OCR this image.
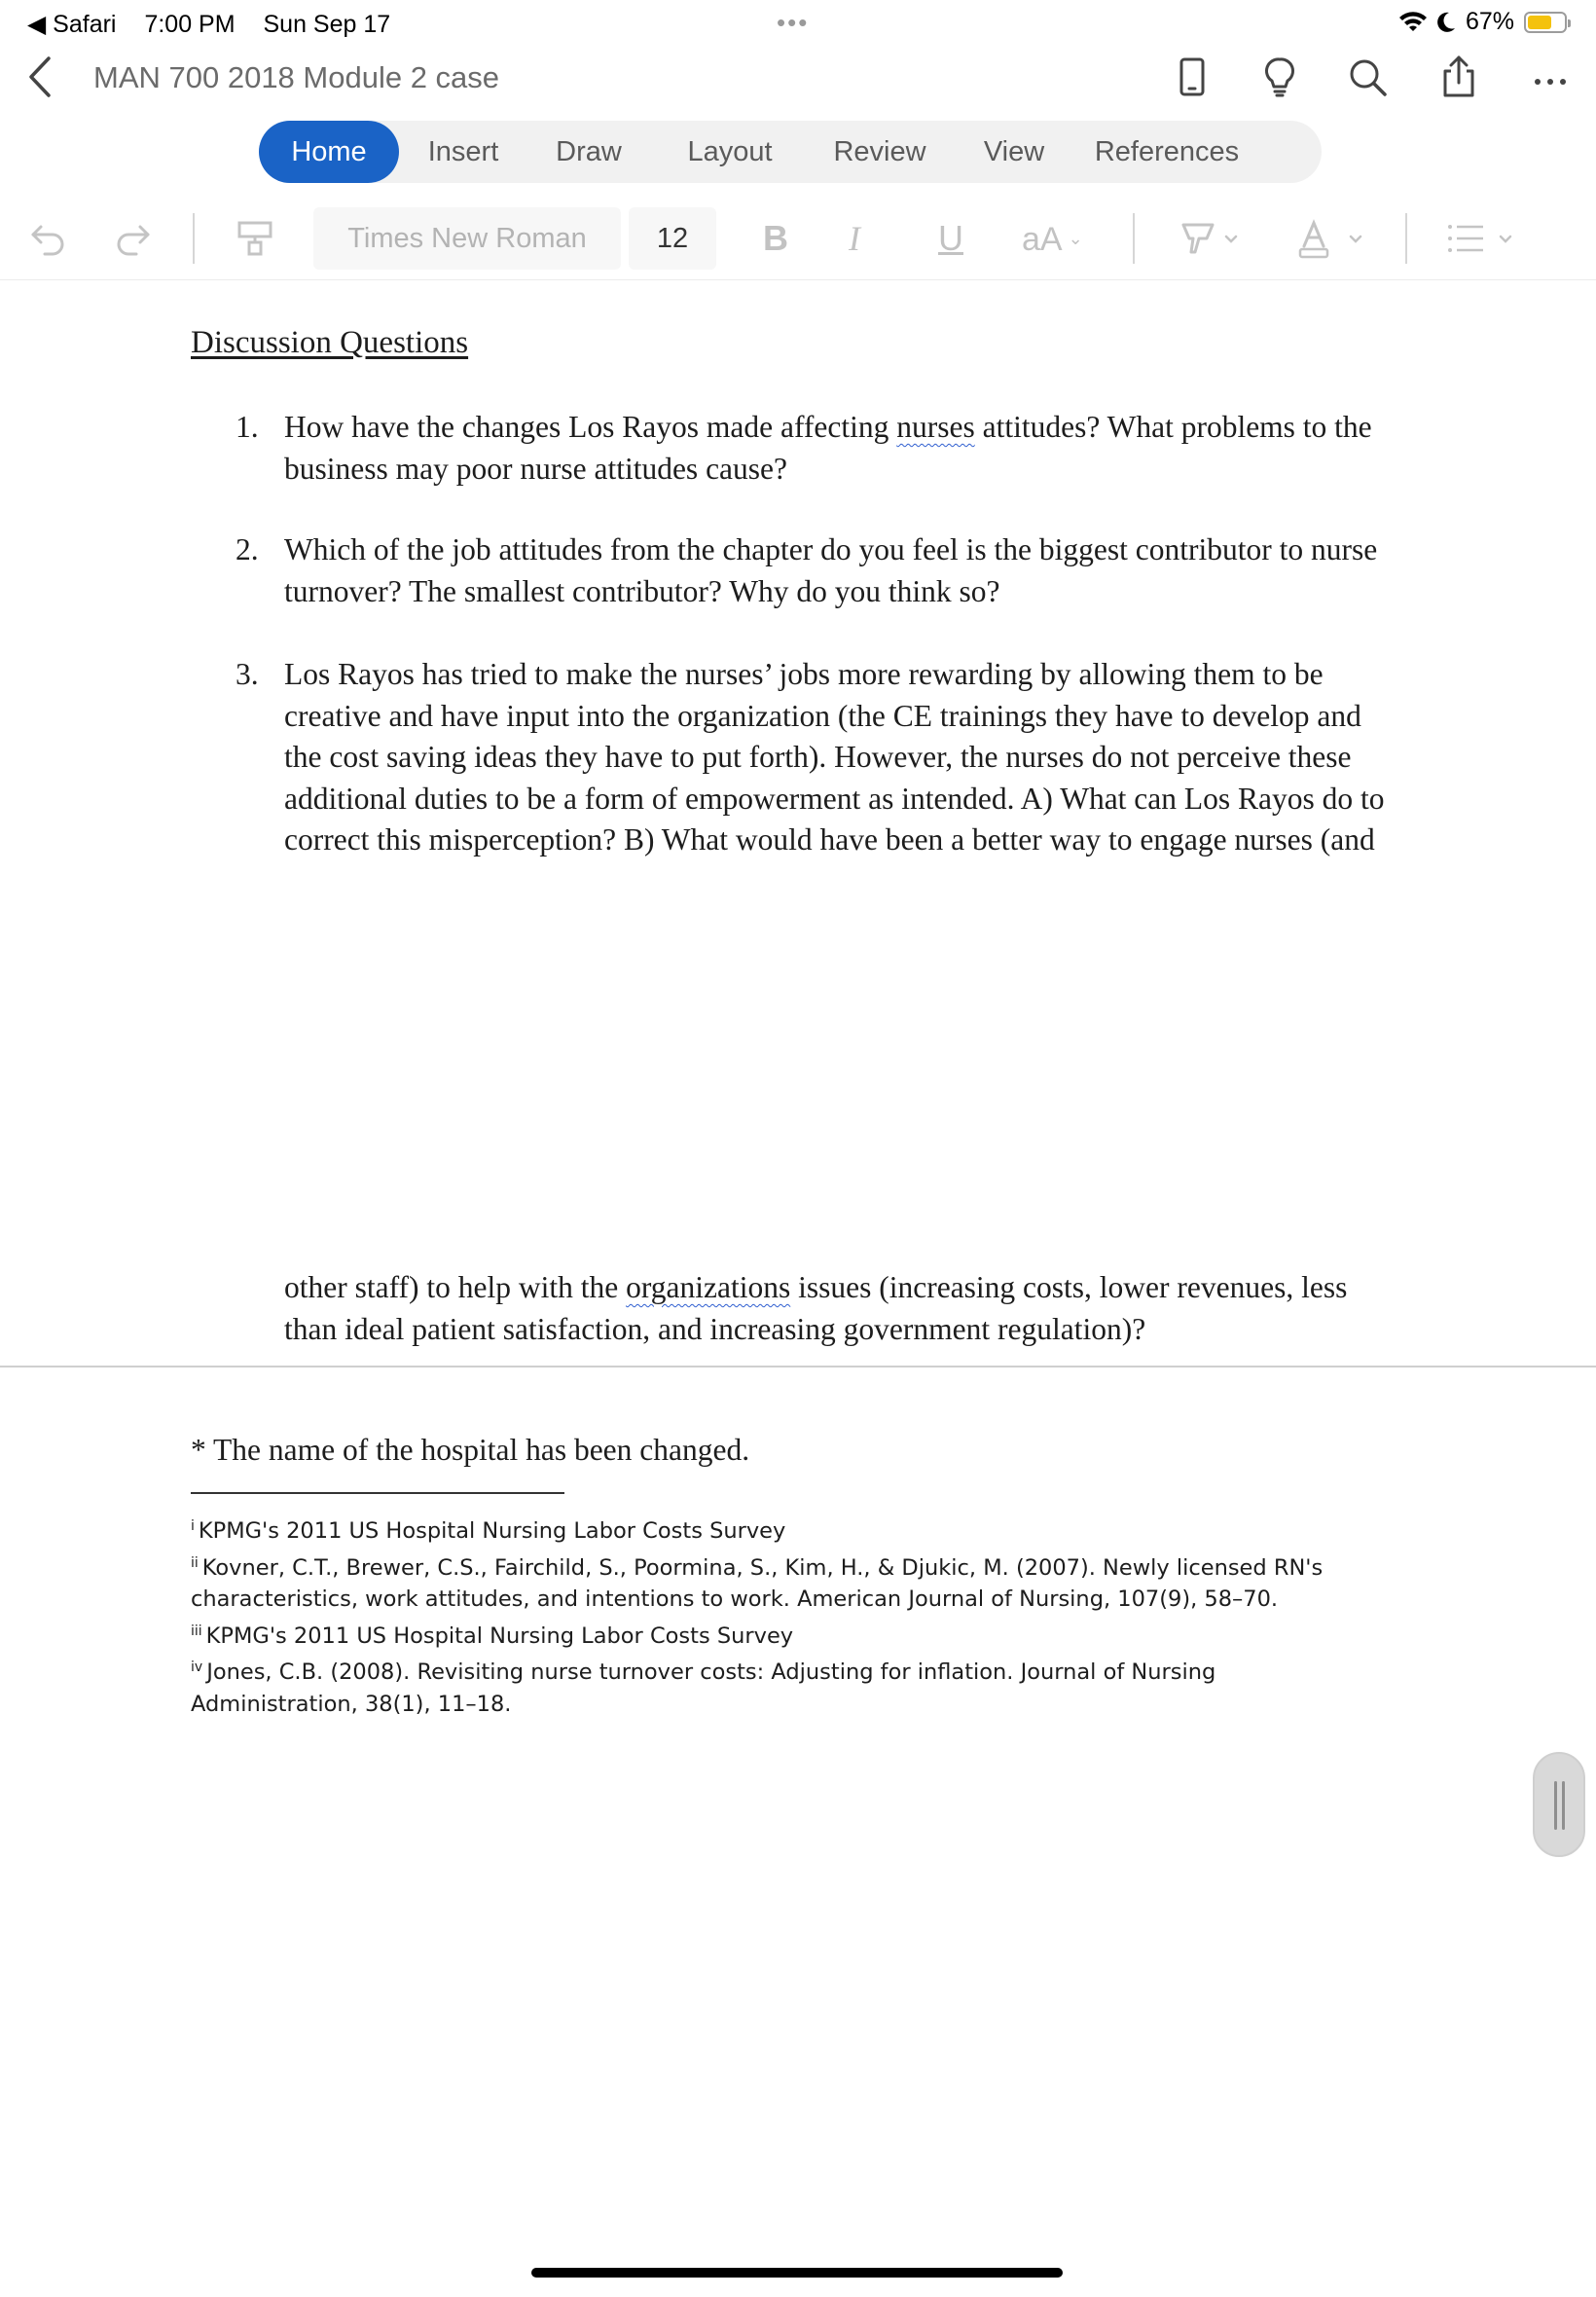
◀ Safari 7:00 PM Sun Sep 17	•••	67%
MAN 700 2018 Module 2 case
Home	Insert	Draw	Layout	Review	View	References
Times New Roman	12	B I U aA ⌄
Discussion Questions
1. How have the changes Los Rayos made affecting nurses attitudes? What problems to the
business may poor nurse attitudes cause?
2. Which of the job attitudes from the chapter do you feel is the biggest contributor to nurse
turnover? The smallest contributor? Why do you think so?
3. Los Rayos has tried to make the nurses’ jobs more rewarding by allowing them to be
creative and have input into the organization (the CE trainings they have to develop and
the cost saving ideas they have to put forth). However, the nurses do not perceive these
additional duties to be a form of empowerment as intended. A) What can Los Rayos do to
correct this misperception? B) What would have been a better way to engage nurses (and
other staff) to help with the organizations issues (increasing costs, lower revenues, less
than ideal patient satisfaction, and increasing government regulation)?
* The name of the hospital has been changed.
$^i$ KPMG's 2011 US Hospital Nursing Labor Costs Survey
$^{ii}$ Kovner, C.T., Brewer, C.S., Fairchild, S., Poormina, S., Kim, H., & Djukic, M. (2007). Newly licensed RN's characteristics, work attitudes, and intentions to work. American Journal of Nursing, 107(9), 58–70.
$^{iii}$ KPMG's 2011 US Hospital Nursing Labor Costs Survey
$^{iv}$ Jones, C.B. (2008). Revisiting nurse turnover costs: Adjusting for inflation. Journal of Nursing Administration, 38(1), 11–18.
